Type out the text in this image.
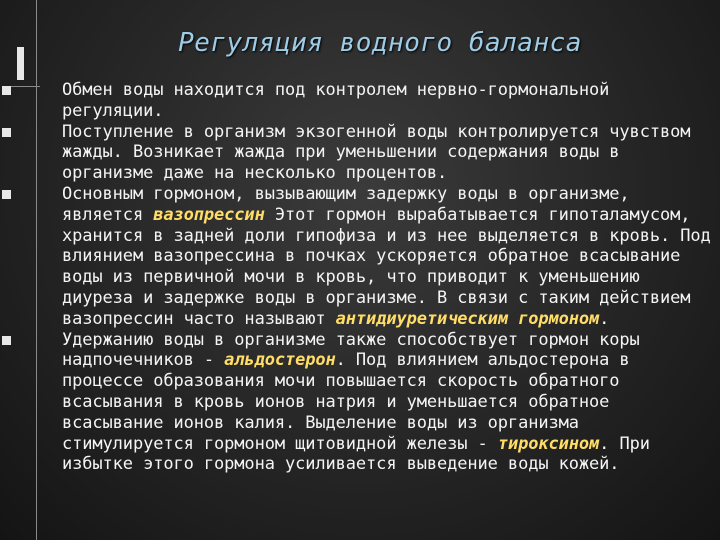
Регуляция водного баланса
Обмен воды находится под контролем нервно-гормональной регуляции.
Поступление в организм экзогенной воды контролируется чувством жажды. Возникает жажда при уменьшении содержания воды в организме даже на несколько процентов.
Основным гормоном, вызывающим задержку воды в организме, является вазопрессин Этот гормон вырабатывается гипоталамусом, хранится в задней доли гипофиза и из нее выделяется в кровь. Под влиянием вазопрессина в почках ускоряется обратное всасывание воды из первичной мочи в кровь, что приводит к уменьшению диуреза и задержке воды в организме. В связи с таким действием вазопрессин часто называют антидиуретическим гормоном.
Удержанию воды в организме также способствует гормон коры надпочечников - альдостерон. Под влиянием альдостерона в процессе образования мочи повышается скорость обратного всасывания в кровь ионов натрия и уменьшается обратное всасывание ионов калия. Выделение воды из организма стимулируется гормоном щитовидной железы - тироксином. При избытке этого гормона усиливается выведение воды кожей.
